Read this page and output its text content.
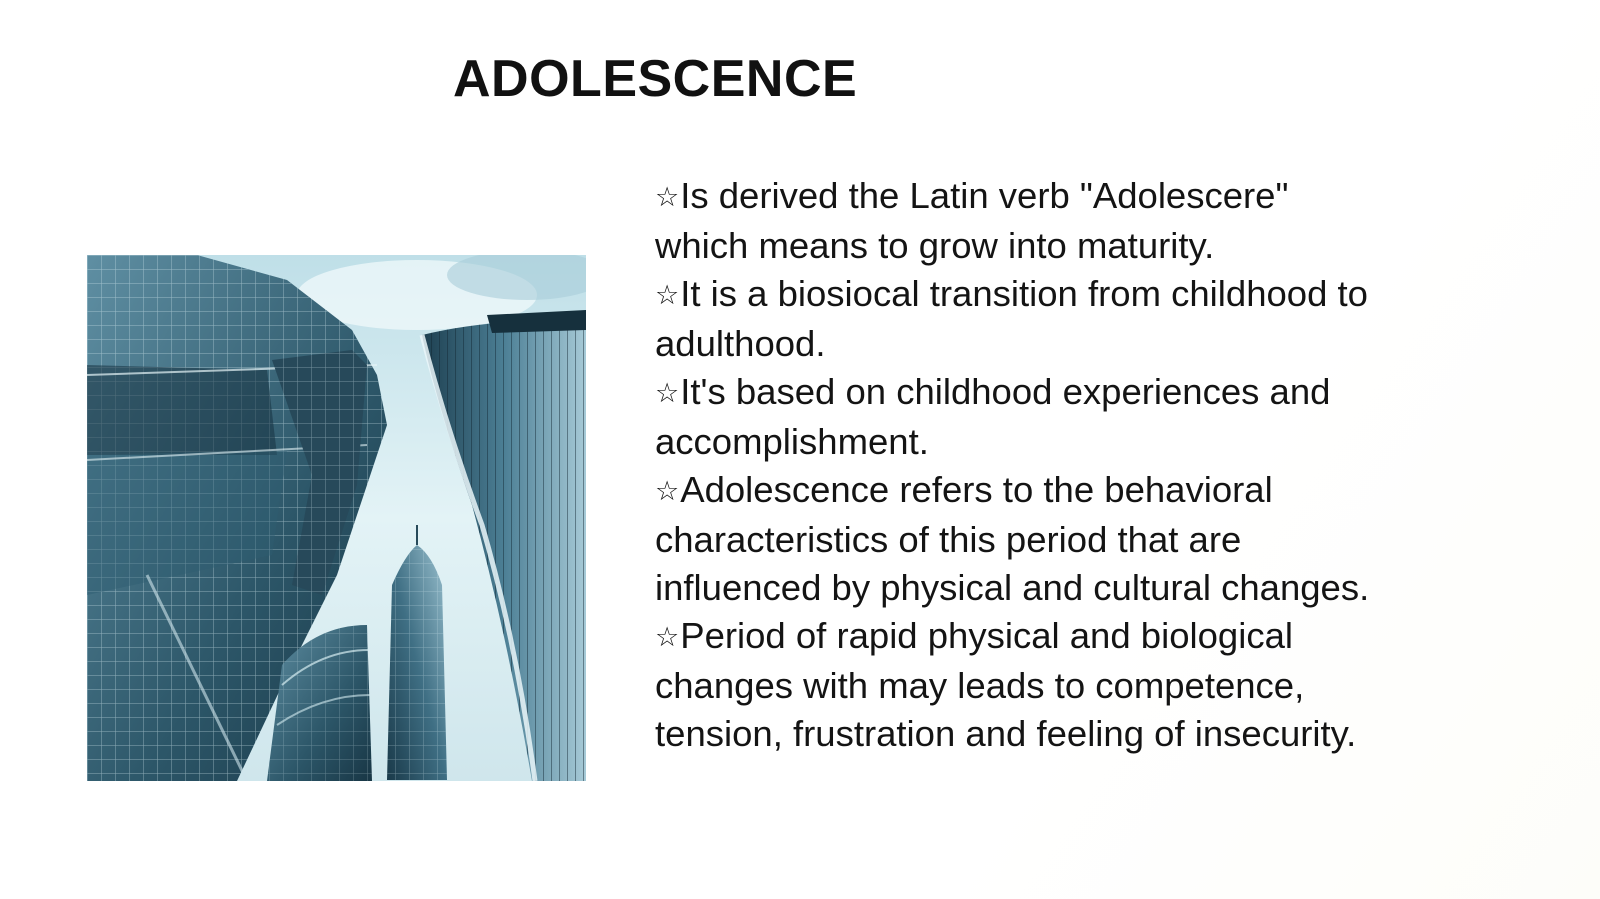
ADOLESCENCE

☆Is derived the Latin verb "Adolescere" which means to grow into maturity.

☆It is a biosiocal transition from childhood to adulthood.

☆It's based on childhood experiences and accomplishment.

☆Adolescence refers to the behavioral characteristics of this period that are influenced by physical and cultural changes.

☆Period of rapid physical and biological changes with may leads to competence, tension, frustration and feeling of insecurity.
